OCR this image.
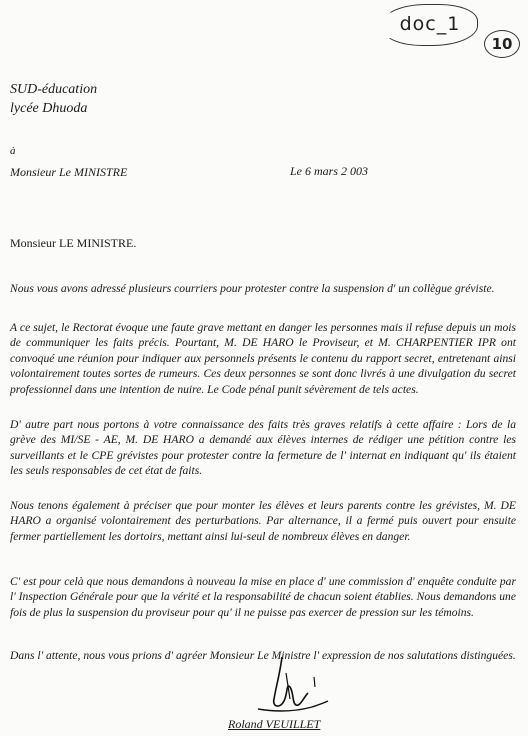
doc_1
10
SUD-éducation
lycée Dhuoda
à
Monsieur Le MINISTRE	Le 6 mars 2 003
Monsieur LE MINISTRE.

Nous vous avons adressé plusieurs courriers pour protester contre la suspension d' un collègue gréviste.

A ce sujet, le Rectorat évoque une faute grave mettant en danger les personnes mais il refuse depuis un mois de communiquer les faits précis. Pourtant, M. DE HARO le Proviseur, et M. CHARPENTIER IPR ont convoqué une réunion pour indiquer aux personnels présents le contenu du rapport secret, entretenant ainsi volontairement toutes sortes de rumeurs. Ces deux personnes se sont donc livrés à une divulgation du secret professionnel dans une intention de nuire. Le Code pénal punit sévèrement de tels actes.

D' autre part nous portons à votre connaissance des faits très graves relatifs à cette affaire : Lors de la grève des MI/SE - AE, M. DE HARO a demandé aux élèves internes de rédiger une pétition contre les surveillants et le CPE grévistes pour protester contre la fermeture de l' internat en indiquant qu' ils étaient les seuls responsables de cet état de faits.

Nous tenons également à préciser que pour monter les élèves et leurs parents contre les grévistes, M. DE HARO a organisé volontairement des perturbations. Par alternance, il a fermé puis ouvert pour ensuite fermer partiellement les dortoirs, mettant ainsi lui-seul de nombreux élèves en danger.

C' est pour celà que nous demandons à nouveau la mise en place d' une commission d' enquête conduite par l' Inspection Générale pour que la vérité et la responsabilité de chacun soient établies. Nous demandons une fois de plus la suspension du proviseur pour qu' il ne puisse pas exercer de pression sur les témoins.

Dans l' attente, nous vous prions d' agréer Monsieur Le Ministre l' expression de nos salutations distinguées.

Roland VEUILLET
